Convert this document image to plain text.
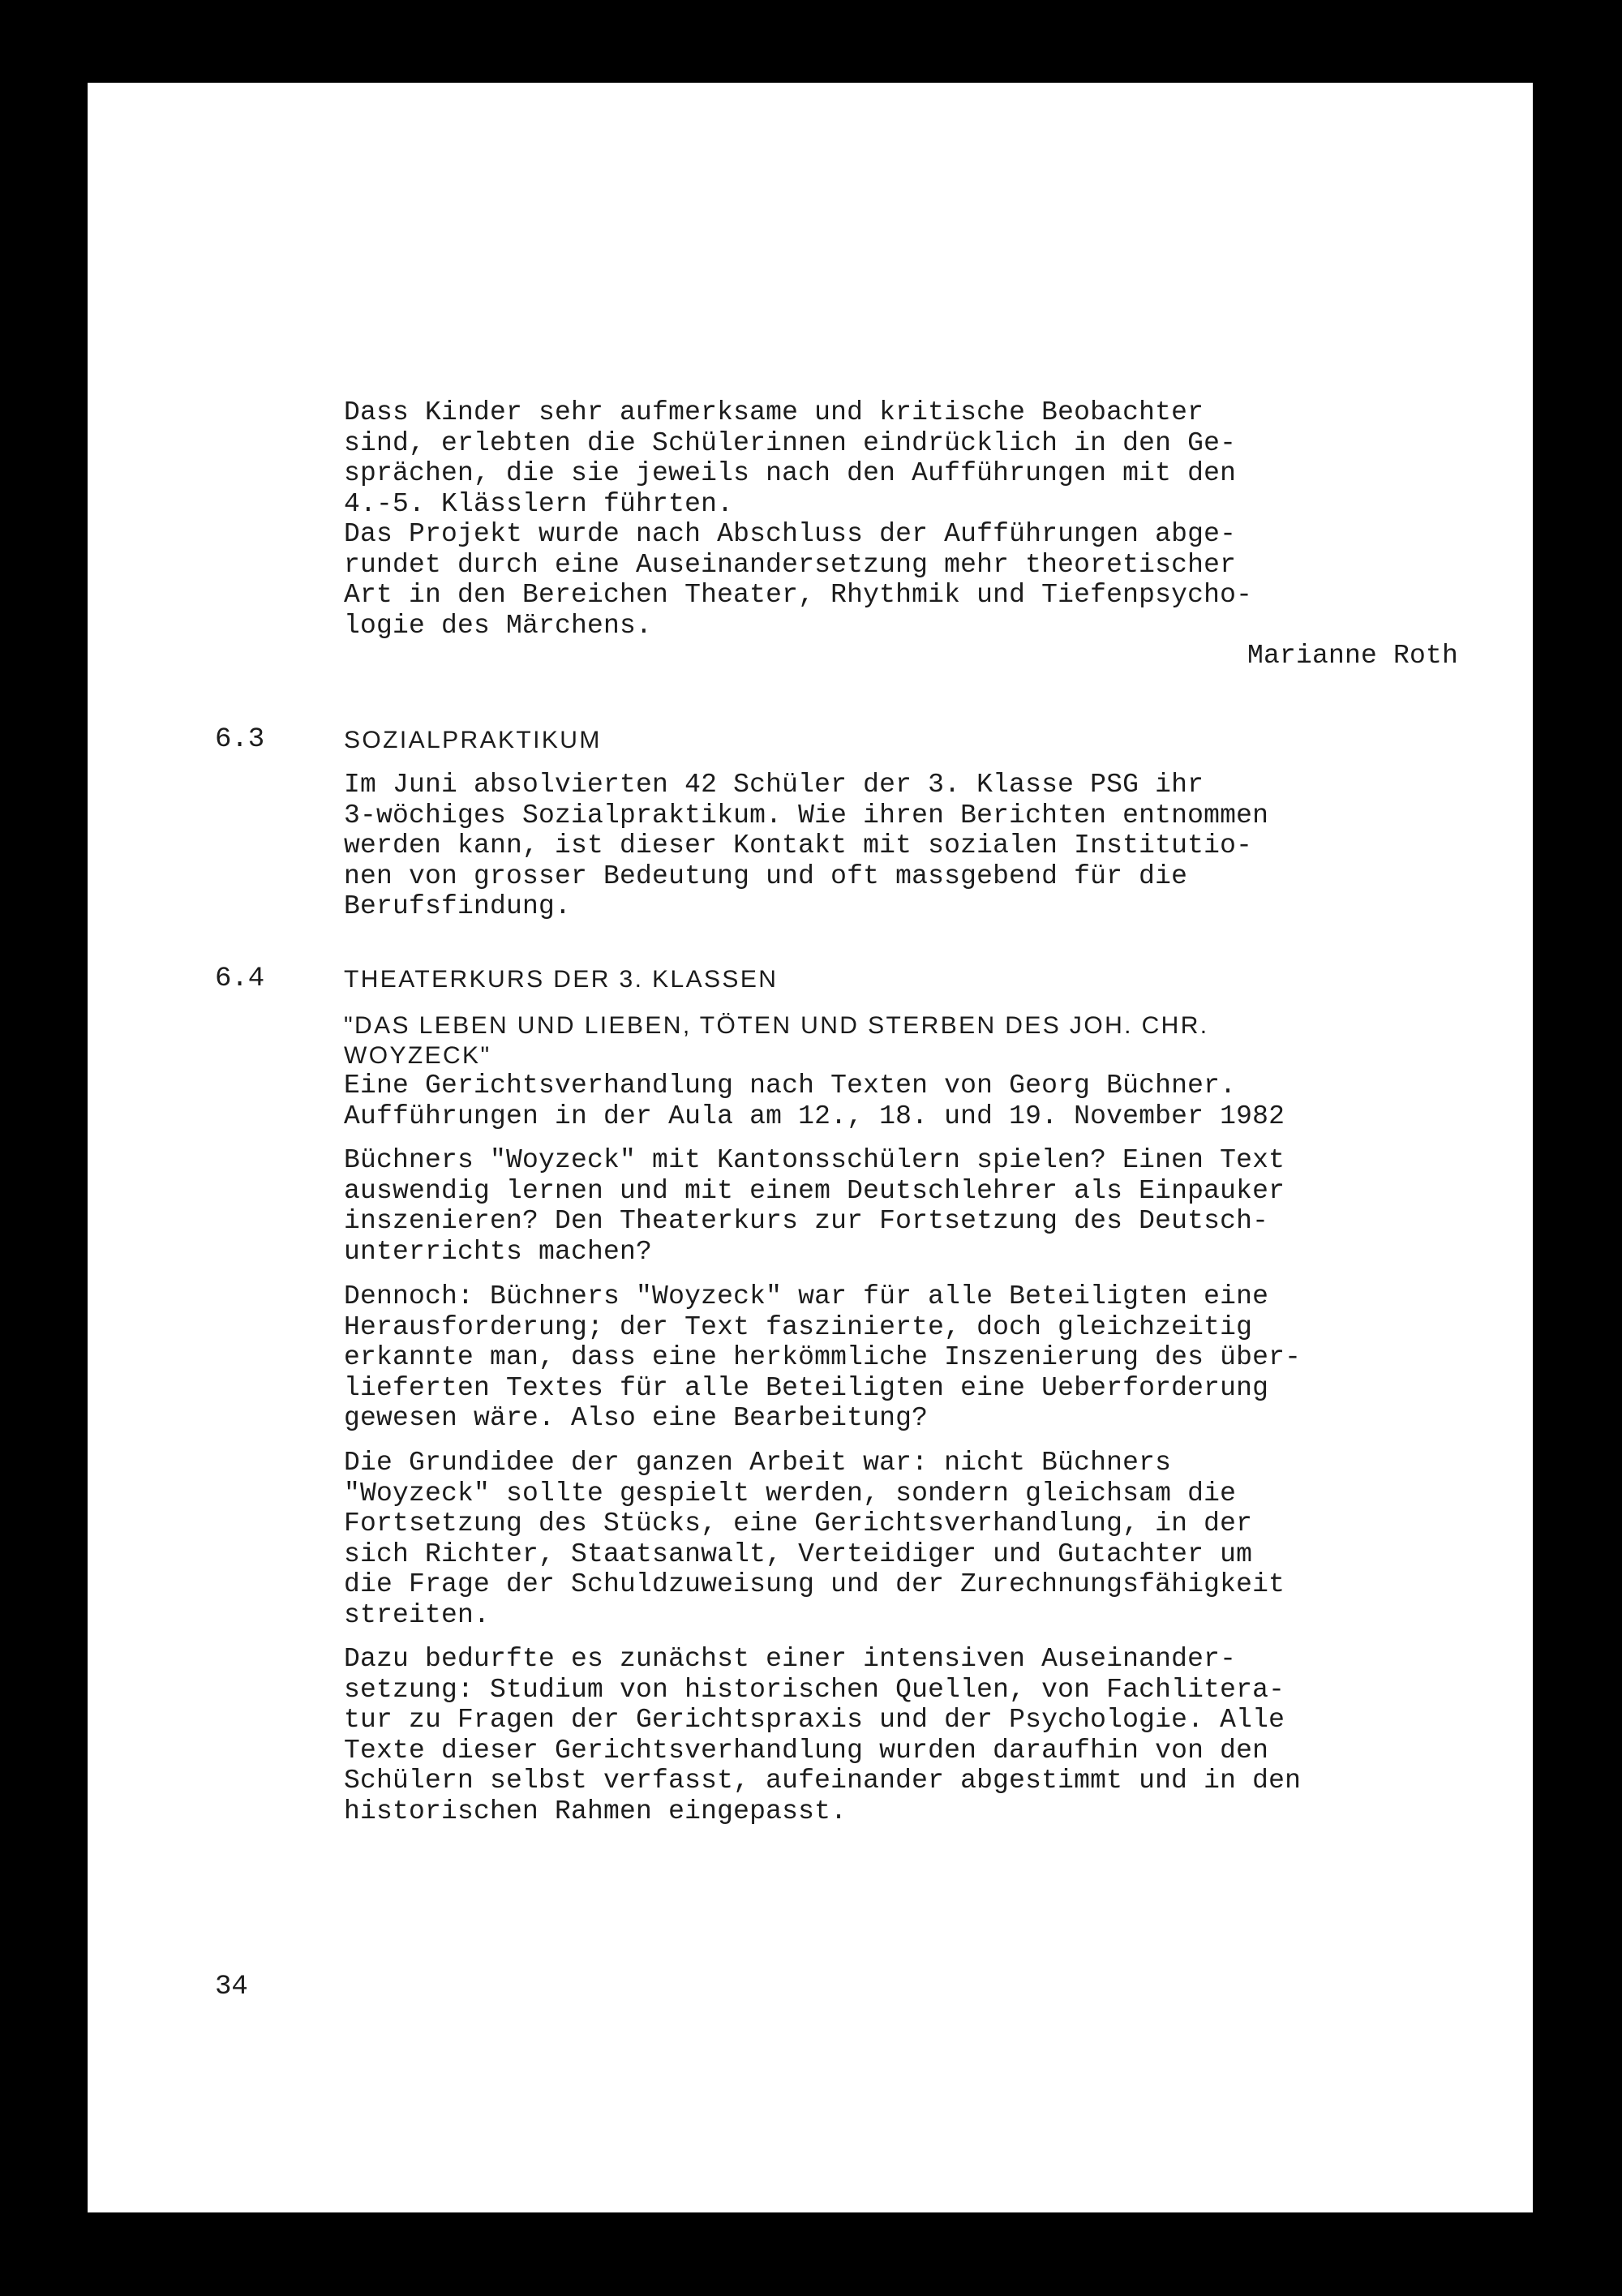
Dass Kinder sehr aufmerksame und kritische Beobachter
sind, erlebten die Schülerinnen eindrücklich in den Ge-
sprächen, die sie jeweils nach den Aufführungen mit den
4.-5. Klässlern führten.
Das Projekt wurde nach Abschluss der Aufführungen abge-
rundet durch eine Auseinandersetzung mehr theoretischer
Art in den Bereichen Theater, Rhythmik und Tiefenpsycho-
logie des Märchens.
Marianne Roth
6.3	SOZIALPRAKTIKUM
Im Juni absolvierten 42 Schüler der 3. Klasse PSG ihr
3-wöchiges Sozialpraktikum. Wie ihren Berichten entnommen
werden kann, ist dieser Kontakt mit sozialen Institutio-
nen von grosser Bedeutung und oft massgebend für die
Berufsfindung.
6.4	THEATERKURS DER 3. KLASSEN
"DAS LEBEN UND LIEBEN, TÖTEN UND STERBEN DES JOH. CHR.
WOYZECK"
Eine Gerichtsverhandlung nach Texten von Georg Büchner.
Aufführungen in der Aula am 12., 18. und 19. November 1982
Büchners "Woyzeck" mit Kantonsschülern spielen? Einen Text
auswendig lernen und mit einem Deutschlehrer als Einpauker
inszenieren? Den Theaterkurs zur Fortsetzung des Deutsch-
unterrichts machen?
Dennoch: Büchners "Woyzeck" war für alle Beteiligten eine
Herausforderung; der Text faszinierte, doch gleichzeitig
erkannte man, dass eine herkömmliche Inszenierung des über-
lieferten Textes für alle Beteiligten eine Ueberforderung
gewesen wäre. Also eine Bearbeitung?
Die Grundidee der ganzen Arbeit war: nicht Büchners
"Woyzeck" sollte gespielt werden, sondern gleichsam die
Fortsetzung des Stücks, eine Gerichtsverhandlung, in der
sich Richter, Staatsanwalt, Verteidiger und Gutachter um
die Frage der Schuldzuweisung und der Zurechnungsfähigkeit
streiten.
Dazu bedurfte es zunächst einer intensiven Auseinander-
setzung: Studium von historischen Quellen, von Fachlitera-
tur zu Fragen der Gerichtspraxis und der Psychologie. Alle
Texte dieser Gerichtsverhandlung wurden daraufhin von den
Schülern selbst verfasst, aufeinander abgestimmt und in den
historischen Rahmen eingepasst.
34
